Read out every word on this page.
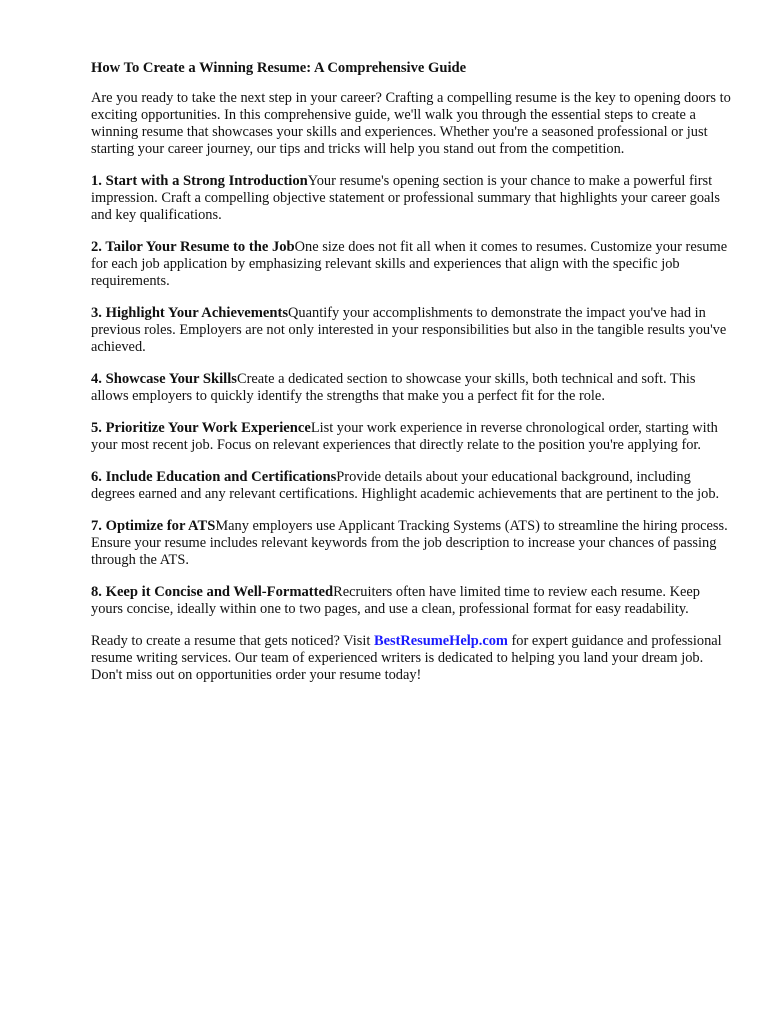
How To Create a Winning Resume: A Comprehensive Guide

Are you ready to take the next step in your career? Crafting a compelling resume is the key to opening doors to exciting opportunities. In this comprehensive guide, we'll walk you through the essential steps to create a winning resume that showcases your skills and experiences. Whether you're a seasoned professional or just starting your career journey, our tips and tricks will help you stand out from the competition.

1. Start with a Strong IntroductionYour resume's opening section is your chance to make a powerful first impression. Craft a compelling objective statement or professional summary that highlights your career goals and key qualifications.

2. Tailor Your Resume to the JobOne size does not fit all when it comes to resumes. Customize your resume for each job application by emphasizing relevant skills and experiences that align with the specific job requirements.

3. Highlight Your AchievementsQuantify your accomplishments to demonstrate the impact you've had in previous roles. Employers are not only interested in your responsibilities but also in the tangible results you've achieved.

4. Showcase Your SkillsCreate a dedicated section to showcase your skills, both technical and soft. This allows employers to quickly identify the strengths that make you a perfect fit for the role.

5. Prioritize Your Work ExperienceList your work experience in reverse chronological order, starting with your most recent job. Focus on relevant experiences that directly relate to the position you're applying for.

6. Include Education and CertificationsProvide details about your educational background, including degrees earned and any relevant certifications. Highlight academic achievements that are pertinent to the job.

7. Optimize for ATSMany employers use Applicant Tracking Systems (ATS) to streamline the hiring process. Ensure your resume includes relevant keywords from the job description to increase your chances of passing through the ATS.

8. Keep it Concise and Well-FormattedRecruiters often have limited time to review each resume. Keep yours concise, ideally within one to two pages, and use a clean, professional format for easy readability.

Ready to create a resume that gets noticed? Visit BestResumeHelp.com for expert guidance and professional resume writing services. Our team of experienced writers is dedicated to helping you land your dream job. Don't miss out on opportunities order your resume today!
